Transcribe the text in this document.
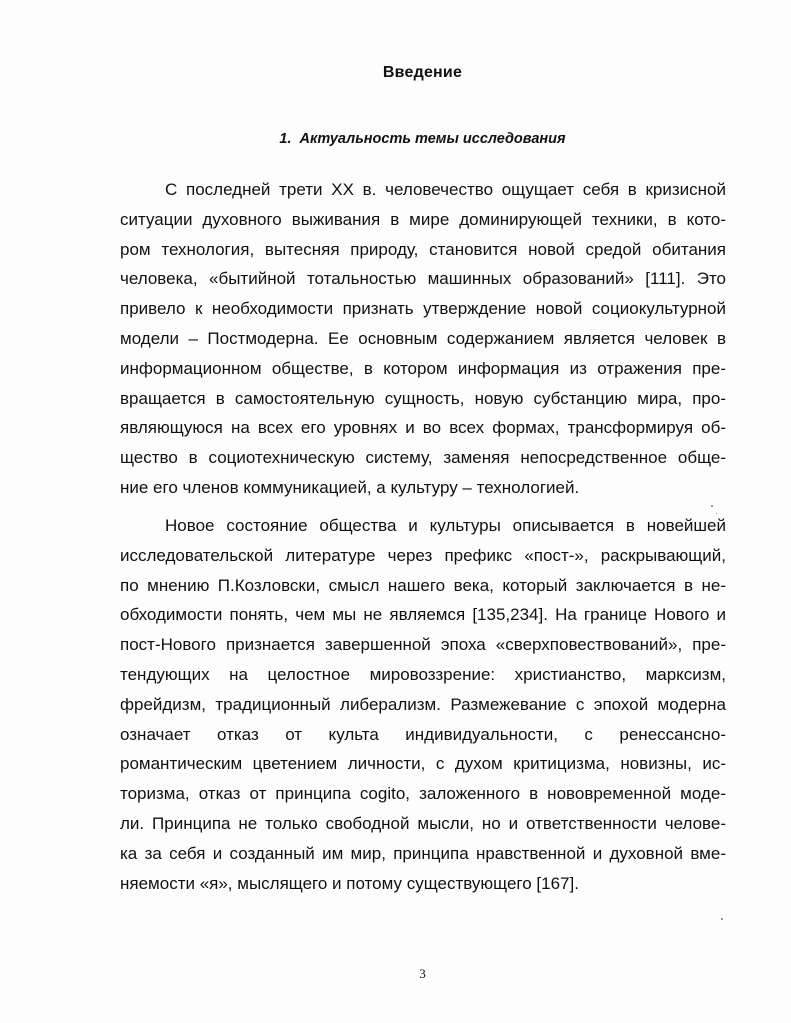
Введение
1. Актуальность темы исследования
С последней трети XX в. человечество ощущает себя в кризисной
ситуации духовного выживания в мире доминирующей техники, в кото-
ром технология, вытесняя природу, становится новой средой обитания
человека, «бытийной тотальностью машинных образований» [111]. Это
привело к необходимости признать утверждение новой социокультурной
модели – Постмодерна. Ее основным содержанием является человек в
информационном обществе, в котором информация из отражения пре-
вращается в самостоятельную сущность, новую субстанцию мира, про-
являющуюся на всех его уровнях и во всех формах, трансформируя об-
щество в социотехническую систему, заменяя непосредственное обще-
ние его членов коммуникацией, а культуру – технологией.
Новое состояние общества и культуры описывается в новейшей
исследовательской литературе через префикс «пост-», раскрывающий,
по мнению П.Козловски, смысл нашего века, который заключается в не-
обходимости понять, чем мы не являемся [135,234]. На границе Нового и
пост-Нового признается завершенной эпоха «сверхповествований», пре-
тендующих на целостное мировоззрение: христианство, марксизм,
фрейдизм, традиционный либерализм. Размежевание с эпохой модерна
означает отказ от культа индивидуальности, с ренессансно-
романтическим цветением личности, с духом критицизма, новизны, ис-
торизма, отказ от принципа cogito, заложенного в нововременной моде-
ли. Принципа не только свободной мысли, но и ответственности челове-
ка за себя и созданный им мир, принципа нравственной и духовной вме-
няемости «я», мыслящего и потому существующего [167].
3
